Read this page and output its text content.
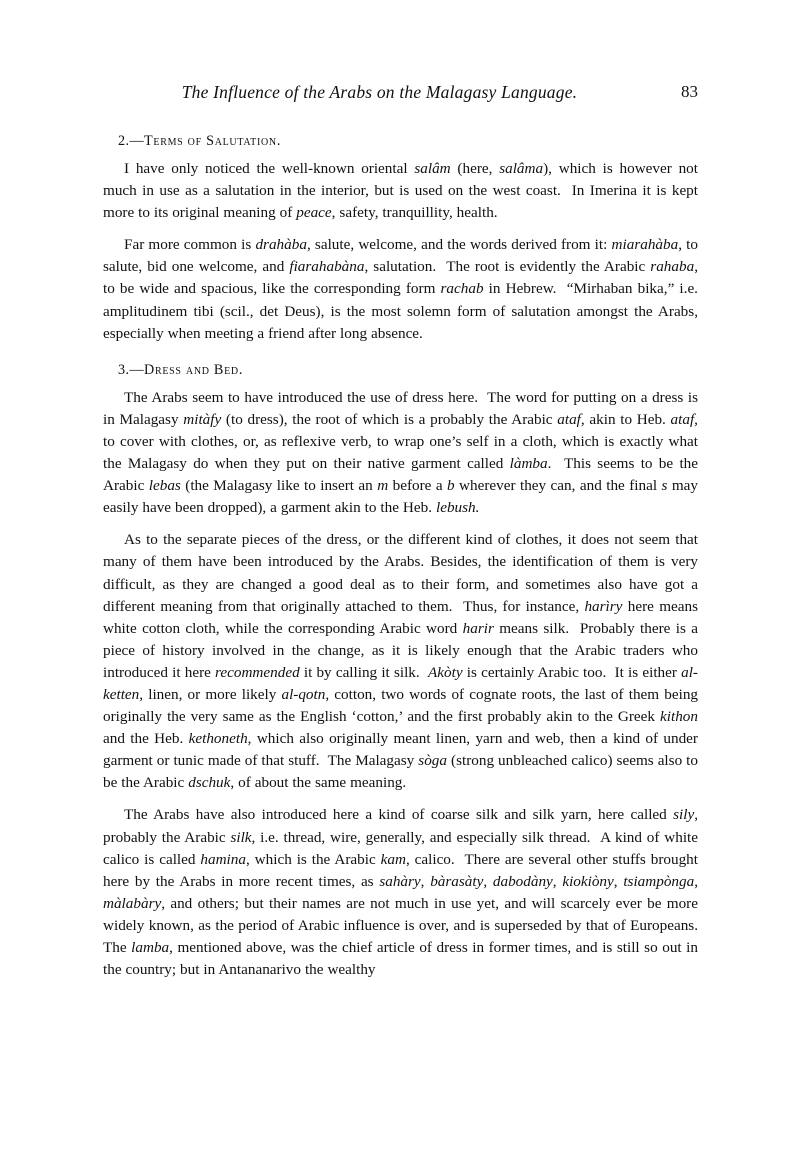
The Influence of the Arabs on the Malagasy Language.	83
2.—Terms of Salutation.

I have only noticed the well-known oriental salâm (here, salâma), which is however not much in use as a salutation in the interior, but is used on the west coast.  In Imerina it is kept more to its original meaning of peace, safety, tranquillity, health.

Far more common is drahàba, salute, welcome, and the words derived from it: miarahàba, to salute, bid one welcome, and fiarahabàna, salutation.  The root is evidently the Arabic rahaba, to be wide and spacious, like the corresponding form rachab in Hebrew.  “Mirhaban bika,” i.e. amplitudinem tibi (scil., det Deus), is the most solemn form of salutation amongst the Arabs, especially when meeting a friend after long absence.

3.—Dress and Bed.

The Arabs seem to have introduced the use of dress here.  The word for putting on a dress is in Malagasy mitàfy (to dress), the root of which is a probably the Arabic ataf, akin to Heb. ataf, to cover with clothes, or, as reflexive verb, to wrap one’s self in a cloth, which is exactly what the Malagasy do when they put on their native garment called làmba.  This seems to be the Arabic lebas (the Malagasy like to insert an m before a b wherever they can, and the final s may easily have been dropped), a garment akin to the Heb. lebush.

As to the separate pieces of the dress, or the different kind of clothes, it does not seem that many of them have been introduced by the Arabs. Besides, the identification of them is very difficult, as they are changed a good deal as to their form, and sometimes also have got a different meaning from that originally attached to them.  Thus, for instance, harìry here means white cotton cloth, while the corresponding Arabic word harir means silk.  Probably there is a piece of history involved in the change, as it is likely enough that the Arabic traders who introduced it here recommended it by calling it silk.  Akòty is certainly Arabic too.  It is either al-ketten, linen, or more likely al-qotn, cotton, two words of cognate roots, the last of them being originally the very same as the English ‘cotton,’ and the first probably akin to the Greek kithon and the Heb. kethoneth, which also originally meant linen, yarn and web, then a kind of under garment or tunic made of that stuff.  The Malagasy sòga (strong unbleached calico) seems also to be the Arabic dschuk, of about the same meaning.

The Arabs have also introduced here a kind of coarse silk and silk yarn, here called sily, probably the Arabic silk, i.e. thread, wire, generally, and especially silk thread.  A kind of white calico is called hamina, which is the Arabic kam, calico.  There are several other stuffs brought here by the Arabs in more recent times, as sahàry, bàrasàty, dabodàny, kiokiòny, tsiampònga, màlabàry, and others; but their names are not much in use yet, and will scarcely ever be more widely known, as the period of Arabic influence is over, and is superseded by that of Europeans. The lamba, mentioned above, was the chief article of dress in former times, and is still so out in the country; but in Antananarivo the wealthy
